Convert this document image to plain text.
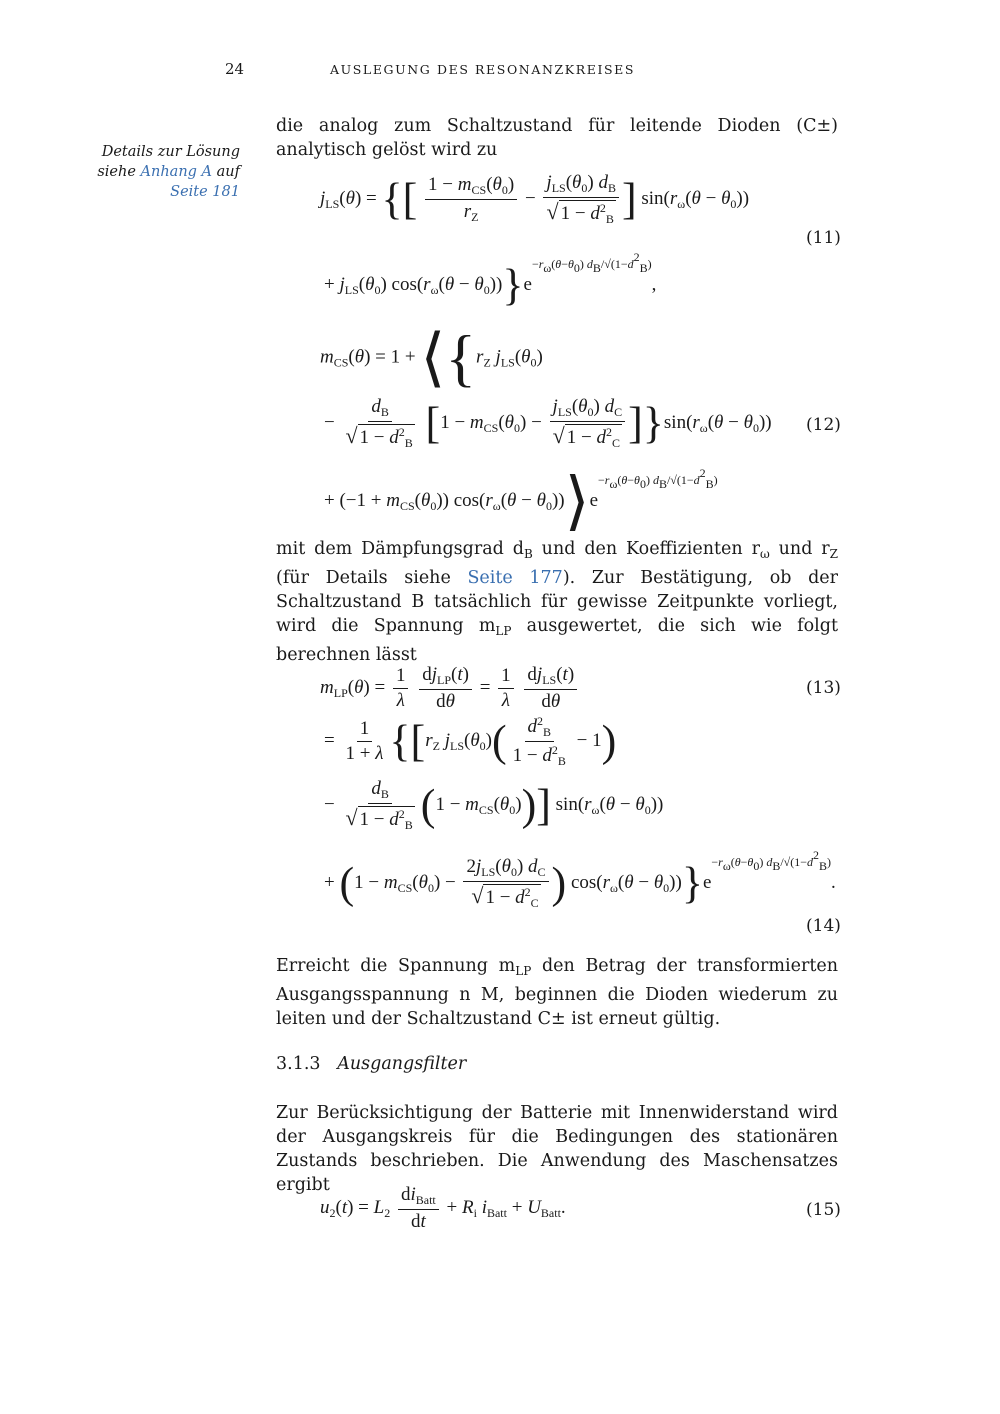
24	AUSLEGUNG DES RESONANZKREISES
Details zur Lösung
siehe Anhang A auf
Seite 181
die analog zum Schaltzustand für leitende Dioden (C±) analytisch gelöst wird zu
$j_{LS}(\theta)$ = {[ $\frac{1 - m_{CS}(\theta_0)}{r_Z} - \frac{j_{LS}(\theta_0) d_B}{√ 1 - d^2_B}$ ] $\sin(r_\omega(\theta - \theta_0))$
+ $j_{LS}(\theta_0) \cos(r_\omega(\theta - \theta_0))\}e-r_\omega(\theta-\theta_0)$ $d_B/√(1-d^2_B)$,
(11)
$m_{CS}(\theta) = 1$ + $⟨\{r_Z$ $j_{LS}(\theta_0)$
− $\frac{d_B}{√ 1 - d^2_B} [1 - m_{CS}(\theta_0) - \frac{j_{LS}(\theta_0) d_C}{√ 1 - d^2_C} ]\}\sin(r_\omega(\theta - \theta_0))$ (12)
+ $(-1 + m_{CS}(\theta_0))$ $\cos(r_\omega(\theta$ − $\theta_0))⟩e-r_\omega(\theta-\theta_0)$ $d_B/√(1-d^2_B)$
mit dem Dämpfungsgrad $d_B$ und den Koeffizienten $r_\omega$ und $r_Z$ (für Details siehe Seite 177). Zur Bestätigung, ob der Schaltzustand B tatsächlich für gewisse Zeitpunkte vorliegt, wird die Spannung $m_{LP}$ ausgewertet, die sich wie folgt berechnen lässt
$m_{LP}(\theta) = \frac{1}{\lambda}$
$\frac{dj_{LP}(t)}{d\theta} = \frac{1}{\lambda}$
$\frac{dj_{LS}(t)}{d\theta}$	(13)
= $\frac{1}{1 + \lambda} \{[r_Z$ $j_{LS}(\theta_0)( \frac{d^2_B}{1 - d^2_B} - 1)$
− $\frac{d_B}{√ 1 - d^2_B} (1 - m_{CS}(\theta_0))$] $\sin(r_\omega(\theta - \theta_0))$
+ ($1 - m_{CS}(\theta_0) - \frac{2j_{LS}(\theta_0) d_C}{√ 1 - d^2_C}$ ) $\cos(r_\omega(\theta - \theta_0))\}e-r_\omega(\theta-\theta_0)$ $d_B/√(1-d^2_B)$.
(14)
Erreicht die Spannung $m_{LP}$ den Betrag der transformierten Ausgangsspannung n M, beginnen die Dioden wiederum zu leiten und der Schaltzustand C± ist erneut gültig.
3.1.3 Ausgangsfilter
Zur Berücksichtigung der Batterie mit Innenwiderstand wird der Ausgangskreis für die Bedingungen des stationären Zustands beschrieben. Die Anwendung des Maschensatzes ergibt
$u_2(t) = L_2 \frac{di_{Batt}}{dt} + R_i$ $i_{Batt} + U_{Batt}$.	(15)
